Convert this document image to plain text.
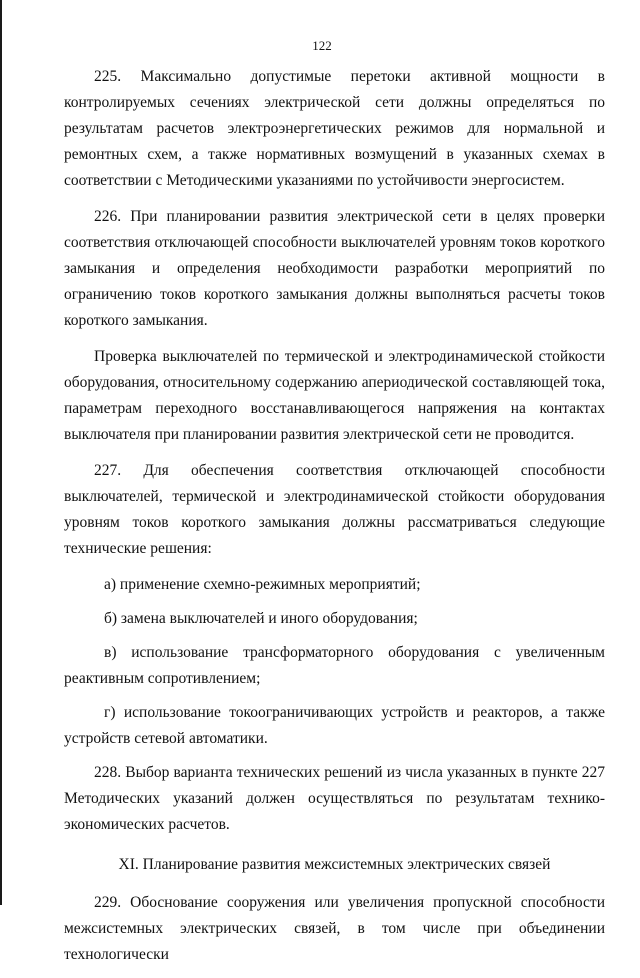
122

225. Максимально допустимые перетоки активной мощности в контролируемых сечениях электрической сети должны определяться по результатам расчетов электроэнергетических режимов для нормальной и ремонтных схем, а также нормативных возмущений в указанных схемах в соответствии с Методическими указаниями по устойчивости энергосистем.

226. При планировании развития электрической сети в целях проверки соответствия отключающей способности выключателей уровням токов короткого замыкания и определения необходимости разработки мероприятий по ограничению токов короткого замыкания должны выполняться расчеты токов короткого замыкания.

Проверка выключателей по термической и электродинамической стойкости оборудования, относительному содержанию апериодической составляющей тока, параметрам переходного восстанавливающегося напряжения на контактах выключателя при планировании развития электрической сети не проводится.

227. Для обеспечения соответствия отключающей способности выключателей, термической и электродинамической стойкости оборудования уровням токов короткого замыкания должны рассматриваться следующие технические решения:

а) применение схемно-режимных мероприятий;

б) замена выключателей и иного оборудования;

в) использование трансформаторного оборудования с увеличенным реактивным сопротивлением;

г) использование токоограничивающих устройств и реакторов, а также устройств сетевой автоматики.

228. Выбор варианта технических решений из числа указанных в пункте 227 Методических указаний должен осуществляться по результатам технико-экономических расчетов.

XI. Планирование развития межсистемных электрических связей

229. Обоснование сооружения или увеличения пропускной способности межсистемных электрических связей, в том числе при объединении технологически
